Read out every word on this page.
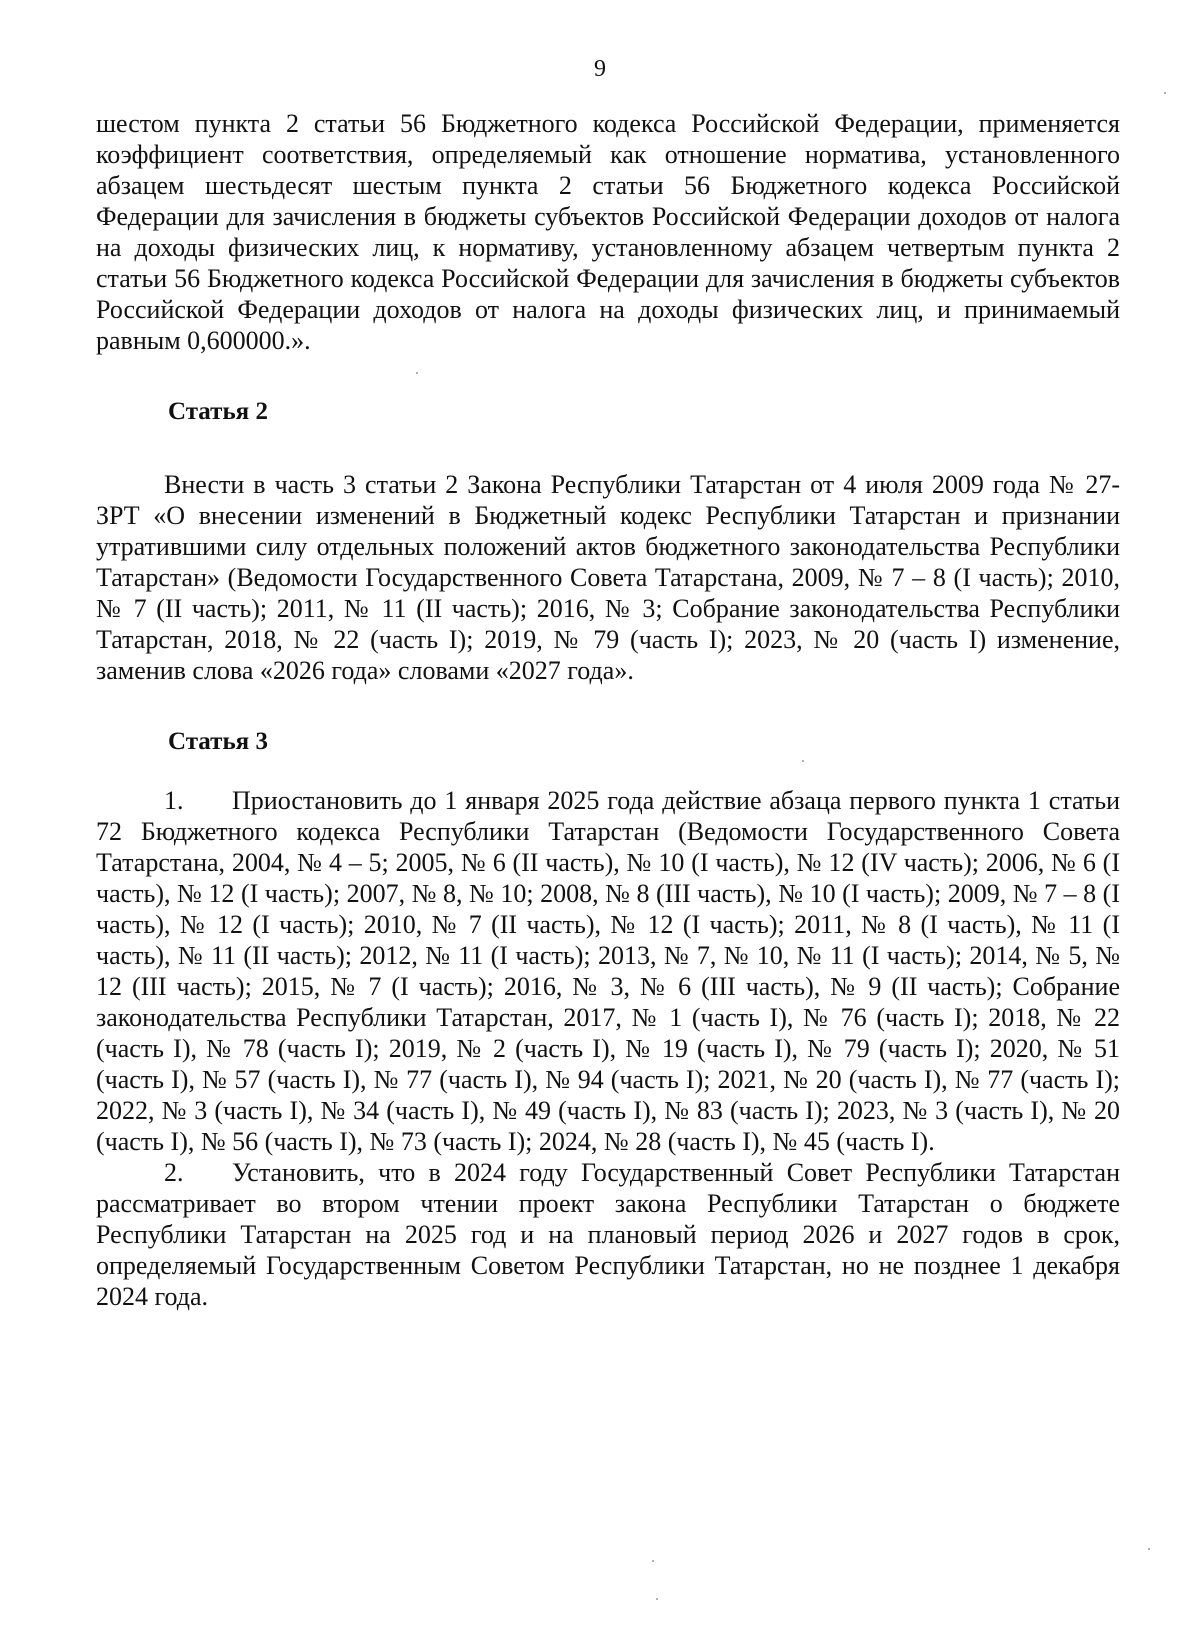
9

шестом пункта 2 статьи 56 Бюджетного кодекса Российской Федерации, применяется коэффициент соответствия, определяемый как отношение норматива, установленного абзацем шестьдесят шестым пункта 2 статьи 56 Бюджетного кодекса Российской Федерации для зачисления в бюджеты субъектов Российской Федерации доходов от налога на доходы физических лиц, к нормативу, установленному абзацем четвертым пункта 2 статьи 56 Бюджетного кодекса Российской Федерации для зачисления в бюджеты субъектов Российской Федерации доходов от налога на доходы физических лиц, и принимаемый равным 0,600000.».

Статья 2

Внести в часть 3 статьи 2 Закона Республики Татарстан от 4 июля 2009 года № 27-ЗРТ «О внесении изменений в Бюджетный кодекс Республики Татарстан и признании утратившими силу отдельных положений актов бюджетного законодательства Республики Татарстан» (Ведомости Государственного Совета Татарстана, 2009, № 7 – 8 (I часть); 2010, № 7 (II часть); 2011, № 11 (II часть); 2016, № 3; Собрание законодательства Республики Татарстан, 2018, № 22 (часть I); 2019, № 79 (часть I); 2023, № 20 (часть I) изменение, заменив слова «2026 года» словами «2027 года».

Статья 3

1. Приостановить до 1 января 2025 года действие абзаца первого пункта 1 статьи 72 Бюджетного кодекса Республики Татарстан (Ведомости Государственного Совета Татарстана, 2004, № 4 – 5; 2005, № 6 (II часть), № 10 (I часть), № 12 (IV часть); 2006, № 6 (I часть), № 12 (I часть); 2007, № 8, № 10; 2008, № 8 (III часть), № 10 (I часть); 2009, № 7 – 8 (I часть), № 12 (I часть); 2010, № 7 (II часть), № 12 (I часть); 2011, № 8 (I часть), № 11 (I часть), № 11 (II часть); 2012, № 11 (I часть); 2013, № 7, № 10, № 11 (I часть); 2014, № 5, № 12 (III часть); 2015, № 7 (I часть); 2016, № 3, № 6 (III часть), № 9 (II часть); Собрание законодательства Республики Татарстан, 2017, № 1 (часть I), № 76 (часть I); 2018, № 22 (часть I), № 78 (часть I); 2019, № 2 (часть I), № 19 (часть I), № 79 (часть I); 2020, № 51 (часть I), № 57 (часть I), № 77 (часть I), № 94 (часть I); 2021, № 20 (часть I), № 77 (часть I); 2022, № 3 (часть I), № 34 (часть I), № 49 (часть I), № 83 (часть I); 2023, № 3 (часть I), № 20 (часть I), № 56 (часть I), № 73 (часть I); 2024, № 28 (часть I), № 45 (часть I).

2. Установить, что в 2024 году Государственный Совет Республики Татарстан рассматривает во втором чтении проект закона Республики Татарстан о бюджете Республики Татарстан на 2025 год и на плановый период 2026 и 2027 годов в срок, определяемый Государственным Советом Республики Татарстан, но не позднее 1 декабря 2024 года.
